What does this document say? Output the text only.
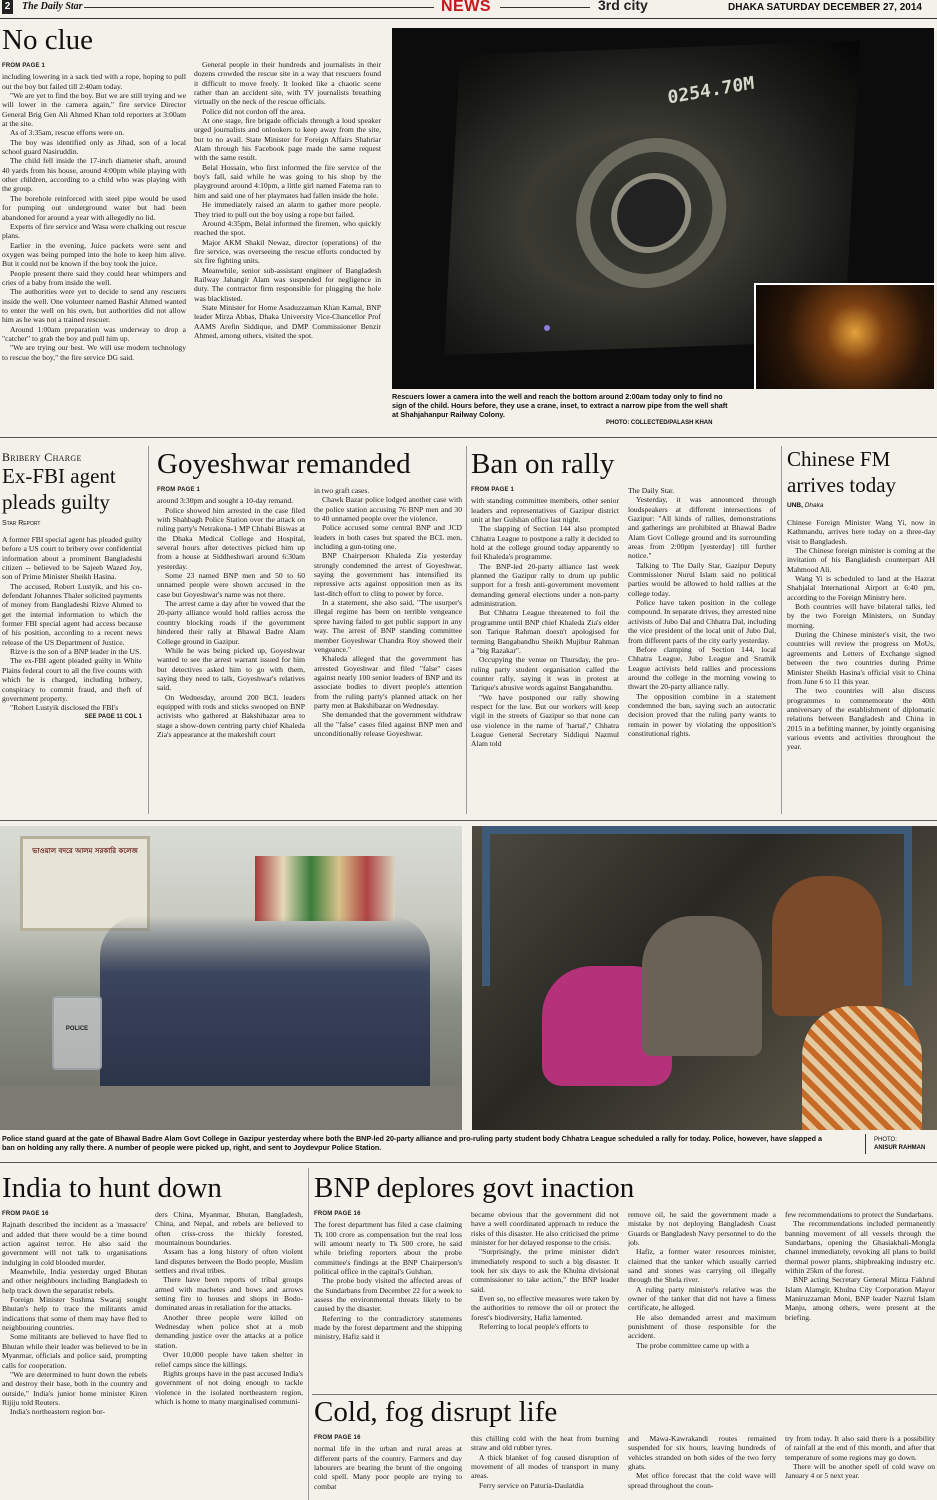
2 The Daily Star	NEWS	3rd city	DHAKA SATURDAY DECEMBER 27, 2014
No clue
FROM PAGE 1

including lowering in a sack tied with a rope, hoping to pull out the boy but failed till 2:40am today.

"We are yet to find the boy. But we are still trying and we will lower in the camera again," fire service Director General Brig Gen Ali Ahmed Khan told reporters at 3:00am at the site.

As of 3:35am, rescue efforts were on.

The boy was identified only as Jihad, son of a local school guard Nasiruddin.

The child fell inside the 17-inch diameter shaft, around 40 yards from his house, around 4:00pm while playing with other children, according to a child who was playing with the group.

The borehole reinforced with steel pipe would be used for pumping out underground water but had been abandoned for around a year with allegedly no lid.

Experts of fire service and Wasa were chalking out rescue plans.

Earlier in the evening, Juice packets were sent and oxygen was being pumped into the hole to keep him alive. But it could not be known if the boy took the juice.

People present there said they could hear whimpers and cries of a baby from inside the well.

The authorities were yet to decide to send any rescuers inside the well. One volunteer named Bashir Ahmed wanted to enter the well on his own, but authorities did not allow him as he was not a trained rescuer.

Around 1:00am preparation was underway to drop a "catcher" to grab the boy and pull him up.

"We are trying our best. We will use modern technology to rescue the boy," the fire service DG said.

General people in their hundreds and journalists in their dozens crowded the rescue site in a way that rescuers found it difficult to move freely. It looked like a chaotic scene rather than an accident site, with TV journalists breathing virtually on the neck of the rescue officials.

Police did not cordon off the area.

At one stage, fire brigade officials through a loud speaker urged journalists and onlookers to keep away from the site, but to no avail. State Minister for Foreign Affairs Shahriar Alam through his Facebook page made the same request with the same result.

Belal Hossain, who first informed the fire service of the boy's fall, said while he was going to his shop by the playground around 4:10pm, a little girl named Fatema ran to him and said one of her playmates had fallen inside the hole.

He immediately raised an alarm to gather more people. They tried to pull out the boy using a rope but failed.

Around 4:35pm, Belal informed the firemen, who quickly reached the spot.

Major AKM Shakil Newaz, director (operations) of the fire service, was overseeing the rescue efforts conducted by six fire fighting units.

Meanwhile, senior sub-assistant engineer of Bangladesh Railway Jahangir Alam was suspended for negligence in duty. The contractor firm responsible for plugging the hole was blacklisted.

State Minister for Home Asaduzzaman Khan Kamal, BNP leader Mirza Abbas, Dhaka University Vice-Chancellor Prof AAMS Arefin Siddique, and DMP Commissioner Benzir Ahmed, among others, visited the spot.

0254.70M
Rescuers lower a camera into the well and reach the bottom around 2:00am today only to find no sign of the child. Hours before, they use a crane, inset, to extract a narrow pipe from the well shaft at Shahjahanpur Railway Colony.
PHOTO: COLLECTED/PALASH KHAN
Bribery Charge
Ex-FBI agent
pleads guilty
Star Report

A former FBI special agent has pleaded guilty before a US court to bribery over confidential information about a prominent Bangladeshi citizen -- believed to be Sajeeb Wazed Joy, son of Prime Minister Sheikh Hasina.

The accused, Robert Lustyik, and his co-defendant Johannes Thaler solicited payments of money from Bangladeshi Rizve Ahmed to get the internal information to which the former FBI special agent had access because of his position, according to a recent news release of the US Department of Justice.

Rizve is the son of a BNP leader in the US.

The ex-FBI agent pleaded guilty in White Plains federal court to all the five counts with which he is charged, including bribery, conspiracy to commit fraud, and theft of government property.

"Robert Lustyik disclosed the FBI's

SEE PAGE 11 COL 1
Goyeshwar remanded
FROM PAGE 1

around 3:30pm and sought a 10-day remand.

Police showed him arrested in the case filed with Shahbagh Police Station over the attack on ruling party's Netrakona-1 MP Chhabi Biswas at the Dhaka Medical College and Hospital, several hours after detectives picked him up from a house at Siddheshwari around 6:30am yesterday.

Some 23 named BNP men and 50 to 60 unnamed people were shown accused in the case but Goyeshwar's name was not there.

The arrest came a day after he vowed that the 20-party alliance would hold rallies across the country blocking roads if the government hindered their rally at Bhawal Badre Alam College ground in Gazipur.

While he was being picked up, Goyeshwar wanted to see the arrest warrant issued for him but detectives asked him to go with them, saying they need to talk, Goyeshwar's relatives said.

On Wednesday, around 200 BCL leaders equipped with rods and sticks swooped on BNP activists who gathered at Bakshibazar area to stage a show-down centring party chief Khaleda Zia's appearance at the makeshift court

in two graft cases.

Chawk Bazar police lodged another case with the police station accusing 76 BNP men and 30 to 40 unnamed people over the violence.

Police accused some central BNP and JCD leaders in both cases but spared the BCL men, including a gun-toting one.

BNP Chairperson Khaleda Zia yesterday strongly condemned the arrest of Goyeshwar, saying the government has intensified its repressive acts against opposition men as its last-ditch effort to cling to power by force.

In a statement, she also said, "The usurper's illegal regime has been on terrible vengeance spree having failed to get public support in any way. The arrest of BNP standing committee member Goyeshwar Chandra Roy showed their vengeance."

Khaleda alleged that the government has arrested Goyeshwar and filed "false" cases against nearly 100 senior leaders of BNP and its associate bodies to divert people's attention from the ruling party's planned attack on her party men at Bakshibazar on Wednesday.

She demanded that the government withdraw all the "false" cases filed against BNP men and unconditionally release Goyeshwar.

Ban on rally
FROM PAGE 1

with standing committee members, other senior leaders and representatives of Gazipur district unit at her Gulshan office last night.

The slapping of Section 144 also prompted Chhatra League to postpone a rally it decided to hold at the college ground today apparently to foil Khaleda's programme.

The BNP-led 20-party alliance last week planned the Gazipur rally to drum up public support for a fresh anti-government movement demanding general elections under a non-party administration.

But Chhatra League threatened to foil the programme until BNP chief Khaleda Zia's elder son Tarique Rahman doesn't apologised for terming Bangabandhu Sheikh Mujibur Rahman a "big Razakar".

Occupying the venue on Thursday, the pro-ruling party student organisation called the counter rally, saying it was in protest at Tarique's abusive words against Bangabandhu.

"We have postponed our rally showing respect for the law. But our workers will keep vigil in the streets of Gazipur so that none can use violence in the name of 'hartal'," Chhatra League General Secretary Siddiqui Nazmul Alam told

The Daily Star.

Yesterday, it was announced through loudspeakers at different intersections of Gazipur: "All kinds of rallies, demonstrations and gatherings are prohibited at Bhawal Badre Alam Govt College ground and its surrounding areas from 2:00pm [yesterday] till further notice."

Talking to The Daily Star, Gazipur Deputy Commissioner Nurul Islam said no political parties would be allowed to hold rallies at the college today.

Police have taken position in the college compound. In separate drives, they arrested nine activists of Jubo Dal and Chhatra Dal, including the vice president of the local unit of Jubo Dal, from different parts of the city early yesterday.

Before clamping of Section 144, local Chhatra League, Jubo League and Sramik League activists held rallies and processions around the college in the morning vowing to thwart the 20-party alliance rally.

The opposition combine in a statement condemned the ban, saying such an autocratic decision proved that the ruling party wants to remain in power by violating the opposition's constitutional rights.

Chinese FM
arrives today
UNB, Dhaka

Chinese Foreign Minister Wang Yi, now in Kathmandu, arrives here today on a three-day visit to Bangladesh.

The Chinese foreign minister is coming at the invitation of his Bangladesh counterpart AH Mahmood Ali.

Wang Yi is scheduled to land at the Hazrat Shahjalal International Airport at 6:40 pm, according to the Foreign Ministry here.

Both countries will have bilateral talks, led by the two Foreign Ministers, on Sunday morning.

During the Chinese minister's visit, the two countries will review the progress on MoUs, agreements and Letters of Exchange signed between the two countries during Prime Minister Sheikh Hasina's official visit to China from June 6 to 11 this year.

The two countries will also discuss programmes to commemorate the 40th anniversary of the establishment of diplomatic relations between Bangladesh and China in 2015 in a befitting manner, by jointly organising various events and activities throughout the year.

ভাওয়াল বদরে আলম সরকারি কলেজ
POLICE
Police stand guard at the gate of Bhawal Badre Alam Govt College in Gazipur yesterday where both the BNP-led 20-party alliance and pro-ruling party student body Chhatra League scheduled a rally for today. Police, however, have slapped a ban on holding any rally there. A number of people were picked up, right, and sent to Joydevpur Police Station.
PHOTO:
ANISUR RAHMAN
India to hunt down
FROM PAGE 16

Rajnath described the incident as a 'massacre' and added that there would be a time bound action against terror. He also said the government will not talk to organisations indulging in cold blooded murder.

Meanwhile, India yesterday urged Bhutan and other neighbours including Bangladesh to help track down the separatist rebels.

Foreign Minister Sushma Swaraj sought Bhutan's help to trace the militants amid indications that some of them may have fled to neighbouring countries.

Some militants are believed to have fled to Bhutan while their leader was believed to be in Myanmar, officials and police said, prompting calls for cooperation.

"We are determined to hunt down the rebels and destroy their base, both in the country and outside," India's junior home minister Kiren Rijiju told Reuters.

India's northeastern region bor-

ders China, Myanmar, Bhutan, Bangladesh, China, and Nepal, and rebels are believed to often criss-cross the thickly forested, mountainous boundaries.

Assam has a long history of often violent land disputes between the Bodo people, Muslim settlers and rival tribes.

There have been reports of tribal groups armed with machetes and bows and arrows setting fire to houses and shops in Bodo-dominated areas in retaliation for the attacks.

Another three people were killed on Wednesday when police shot at a mob demanding justice over the attacks at a police station.

Over 10,000 people have taken shelter in relief camps since the killings.

Rights groups have in the past accused India's government of not doing enough to tackle violence in the isolated northeastern region, which is home to many marginalised communi-

BNP deplores govt inaction
FROM PAGE 16

The forest department has filed a case claiming Tk 100 crore as compensation but the real loss will amount nearly to Tk 500 crore, he said while briefing reporters about the probe committee's findings at the BNP Chairperson's political office in the capital's Gulshan.

The probe body visited the affected areas of the Sundarbans from December 22 for a week to assess the environmental threats likely to be caused by the disaster.

Referring to the contradictory statements made by the forest department and the shipping ministry, Hafiz said it

became obvious that the government did not have a well coordinated approach to reduce the risks of this disaster. He also criticised the prime minister for her delayed response to the crisis.

"Surprisingly, the prime minister didn't immediately respond to such a big disaster. It took her six days to ask the Khulna divisional commissioner to take action," the BNP leader said.

Even so, no effective measures were taken by the authorities to remove the oil or protect the forest's biodiversity, Hafiz lamented.

Referring to local people's efforts to

remove oil, he said the government made a mistake by not deploying Bangladesh Coast Guards or Bangladesh Navy personnel to do the job.

Hafiz, a former water resources minister, claimed that the tanker which usually carried sand and stones was carrying oil illegally through the Shela river.

A ruling party minister's relative was the owner of the tanker that did not have a fitness certificate, he alleged.

He also demanded arrest and maximum punishment of those responsible for the accident.

The probe committee came up with a

few recommendations to protect the Sundarbans.

The recommendations included permanently banning movement of all vessels through the Sundarbans, opening the Ghasiakhali-Mongla channel immediately, revoking all plans to build thermal power plants, shipbreaking industry etc. within 25km of the forest.

BNP acting Secretary General Mirza Fakhrul Islam Alamgir, Khulna City Corporation Mayor Maniruzzaman Moni, BNP leader Nazrul Islam Manju, among others, were present at the briefing.

Cold, fog disrupt life
FROM PAGE 16

normal life in the urban and rural areas at different parts of the country. Farmers and day labourers are bearing the brunt of the ongoing cold spell. Many poor people are trying to combat

this chilling cold with the heat from burning straw and old rubber tyres.

A thick blanket of fog caused disruption of movement of all modes of transport in many areas.

Ferry service on Paturia-Daulatdia

and Mawa-Kawrakandi routes remained suspended for six hours, leaving hundreds of vehicles stranded on both sides of the two ferry ghats.

Met office forecast that the cold wave will spread throughout the coun-

try from today. It also said there is a possibility of rainfall at the end of this month, and after that temperature of some regions may go down.

There will be another spell of cold wave on January 4 or 5 next year.
